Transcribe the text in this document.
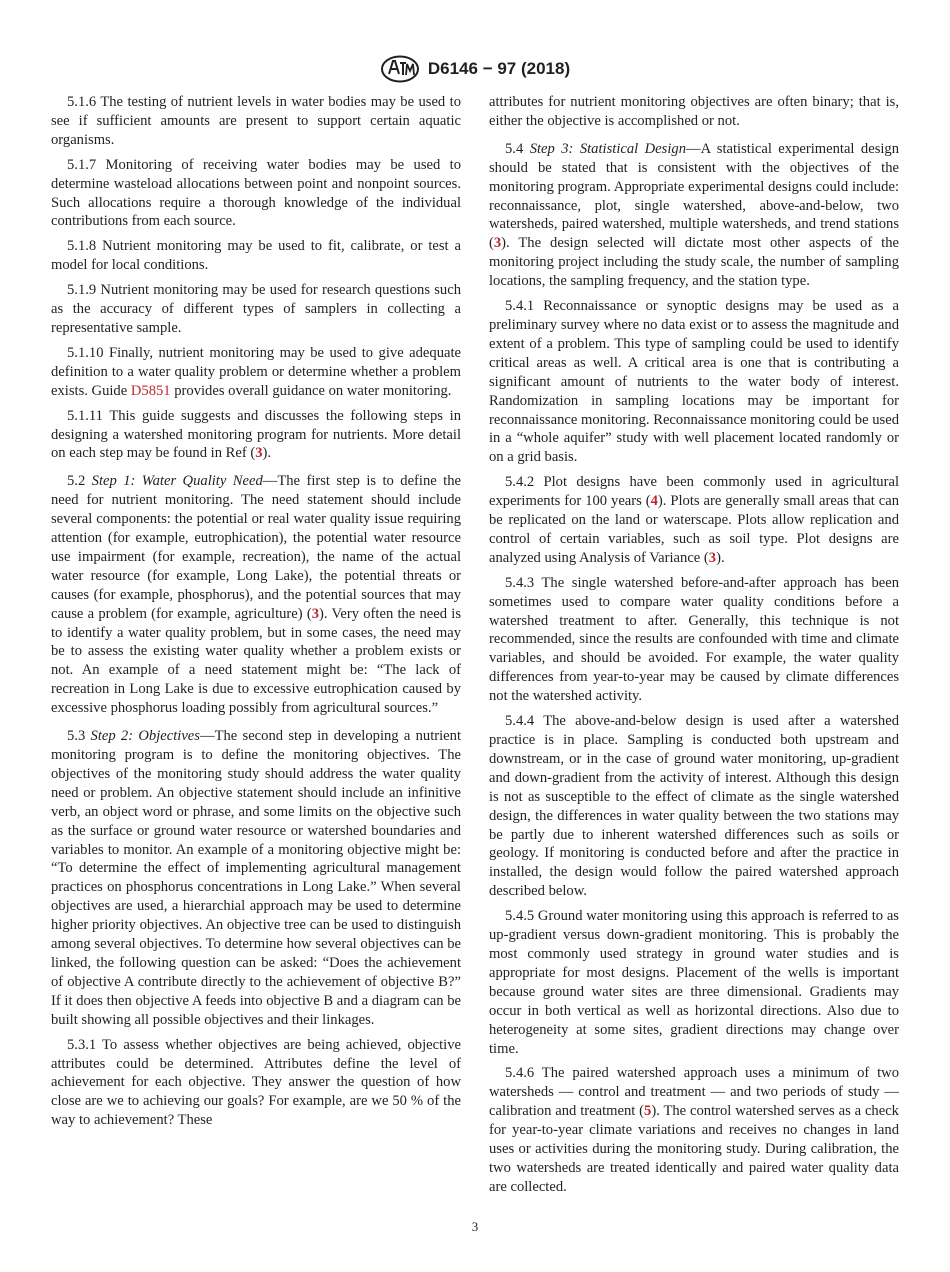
D6146 − 97 (2018)

5.1.6 The testing of nutrient levels in water bodies may be used to see if sufficient amounts are present to support certain aquatic organisms.

5.1.7 Monitoring of receiving water bodies may be used to determine wasteload allocations between point and nonpoint sources. Such allocations require a thorough knowledge of the individual contributions from each source.

5.1.8 Nutrient monitoring may be used to fit, calibrate, or test a model for local conditions.

5.1.9 Nutrient monitoring may be used for research questions such as the accuracy of different types of samplers in collecting a representative sample.

5.1.10 Finally, nutrient monitoring may be used to give adequate definition to a water quality problem or determine whether a problem exists. Guide D5851 provides overall guidance on water monitoring.

5.1.11 This guide suggests and discusses the following steps in designing a watershed monitoring program for nutrients. More detail on each step may be found in Ref (3).

5.2 Step 1: Water Quality Need—The first step is to define the need for nutrient monitoring. The need statement should include several components: the potential or real water quality issue requiring attention (for example, eutrophication), the potential water resource use impairment (for example, recreation), the name of the actual water resource (for example, Long Lake), the potential threats or causes (for example, phosphorus), and the potential sources that may cause a problem (for example, agriculture) (3). Very often the need is to identify a water quality problem, but in some cases, the need may be to assess the existing water quality whether a problem exists or not. An example of a need statement might be: “The lack of recreation in Long Lake is due to excessive eutrophication caused by excessive phosphorus loading possibly from agricultural sources.”

5.3 Step 2: Objectives—The second step in developing a nutrient monitoring program is to define the monitoring objectives. The objectives of the monitoring study should address the water quality need or problem. An objective statement should include an infinitive verb, an object word or phrase, and some limits on the objective such as the surface or ground water resource or watershed boundaries and variables to monitor. An example of a monitoring objective might be: “To determine the effect of implementing agricultural management practices on phosphorus concentrations in Long Lake.” When several objectives are used, a hierarchial approach may be used to determine higher priority objectives. An objective tree can be used to distinguish among several objectives. To determine how several objectives can be linked, the following question can be asked: “Does the achievement of objective A contribute directly to the achievement of objective B?” If it does then objective A feeds into objective B and a diagram can be built showing all possible objectives and their linkages.

5.3.1 To assess whether objectives are being achieved, objective attributes could be determined. Attributes define the level of achievement for each objective. They answer the question of how close are we to achieving our goals? For example, are we 50 % of the way to achievement? These

attributes for nutrient monitoring objectives are often binary; that is, either the objective is accomplished or not.

5.4 Step 3: Statistical Design—A statistical experimental design should be stated that is consistent with the objectives of the monitoring program. Appropriate experimental designs could include: reconnaissance, plot, single watershed, above-and-below, two watersheds, paired watershed, multiple watersheds, and trend stations (3). The design selected will dictate most other aspects of the monitoring project including the study scale, the number of sampling locations, the sampling frequency, and the station type.

5.4.1 Reconnaissance or synoptic designs may be used as a preliminary survey where no data exist or to assess the magnitude and extent of a problem. This type of sampling could be used to identify critical areas as well. A critical area is one that is contributing a significant amount of nutrients to the water body of interest. Randomization in sampling locations may be important for reconnaissance monitoring. Reconnaissance monitoring could be used in a “whole aquifer” study with well placement located randomly or on a grid basis.

5.4.2 Plot designs have been commonly used in agricultural experiments for 100 years (4). Plots are generally small areas that can be replicated on the land or waterscape. Plots allow replication and control of certain variables, such as soil type. Plot designs are analyzed using Analysis of Variance (3).

5.4.3 The single watershed before-and-after approach has been sometimes used to compare water quality conditions before a watershed treatment to after. Generally, this technique is not recommended, since the results are confounded with time and climate variables, and should be avoided. For example, the water quality differences from year-to-year may be caused by climate differences not the watershed activity.

5.4.4 The above-and-below design is used after a watershed practice is in place. Sampling is conducted both upstream and downstream, or in the case of ground water monitoring, up-gradient and down-gradient from the activity of interest. Although this design is not as susceptible to the effect of climate as the single watershed design, the differences in water quality between the two stations may be partly due to inherent watershed differences such as soils or geology. If monitoring is conducted before and after the practice in installed, the design would follow the paired watershed approach described below.

5.4.5 Ground water monitoring using this approach is referred to as up-gradient versus down-gradient monitoring. This is probably the most commonly used strategy in ground water studies and is appropriate for most designs. Placement of the wells is important because ground water sites are three dimensional. Gradients may occur in both vertical as well as horizontal directions. Also due to heterogeneity at some sites, gradient directions may change over time.

5.4.6 The paired watershed approach uses a minimum of two watersheds — control and treatment — and two periods of study — calibration and treatment (5). The control watershed serves as a check for year-to-year climate variations and receives no changes in land uses or activities during the monitoring study. During calibration, the two watersheds are treated identically and paired water quality data are collected.

3
